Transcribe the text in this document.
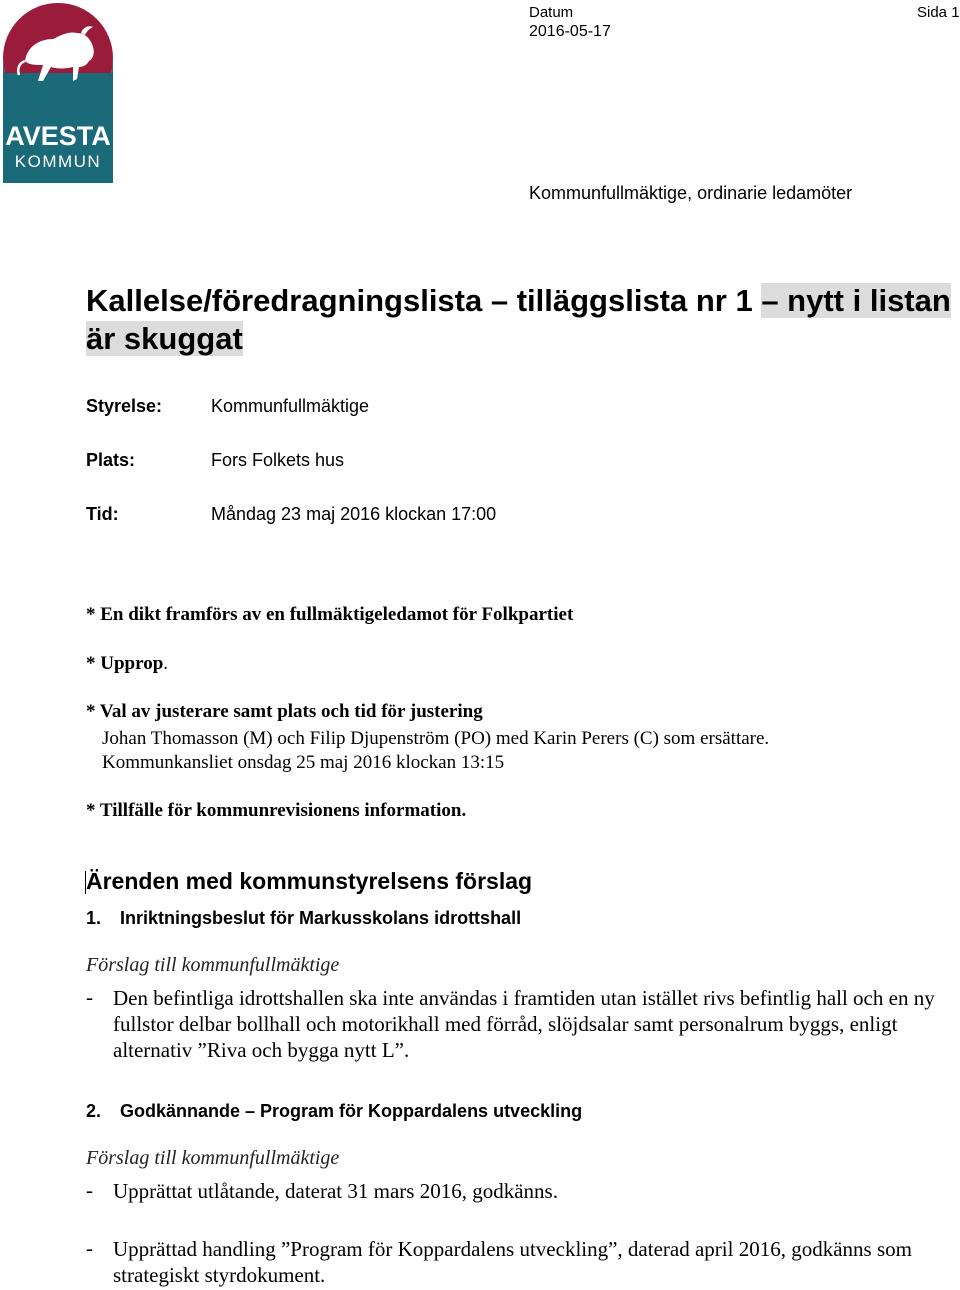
AVESTA
KOMMUN
Datum
2016-05-17
Sida 1
Kommunfullmäktige, ordinarie ledamöter
Kallelse/föredragningslista – tilläggslista nr 1 – nytt i listan är skuggat
Styrelse:	Kommunfullmäktige
Plats:	Fors Folkets hus
Tid:	Måndag 23 maj 2016 klockan 17:00
* En dikt framförs av en fullmäktigeledamot för Folkpartiet
* Upprop.
* Val av justerare samt plats och tid för justering
Johan Thomasson (M) och Filip Djupenström (PO) med Karin Perers (C) som ersättare.
Kommunkansliet onsdag 25 maj 2016 klockan 13:15
* Tillfälle för kommunrevisionens information.
Ärenden med kommunstyrelsens förslag
1. Inriktningsbeslut för Markusskolans idrottshall
Förslag till kommunfullmäktige
- Den befintliga idrottshallen ska inte användas i framtiden utan istället rivs befintlig hall och en ny fullstor delbar bollhall och motorikhall med förråd, slöjdsalar samt personalrum byggs, enligt alternativ ”Riva och bygga nytt L”.
2. Godkännande – Program för Koppardalens utveckling
Förslag till kommunfullmäktige
- Upprättat utlåtande, daterat 31 mars 2016, godkänns.
- Upprättad handling ”Program för Koppardalens utveckling”, daterad april 2016, godkänns som strategiskt styrdokument.
